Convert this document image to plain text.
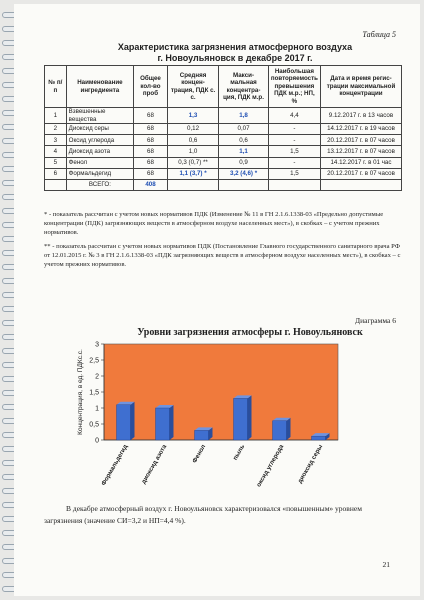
Таблица 5
Характеристика загрязнения атмосферного воздуха
г. Новоульяновск в декабре 2017 г.
№ п/п	Наименование ингредиента	Общее кол-во проб	Средняя концен-трация, ПДК с. с.	Макси-мальная концентра-ция, ПДК м.р.	Наибольшая повторяемость превышения ПДК м.р.; НП, %	Дата и время регис-трации максимальной концентрации
1	Взвешенные вещества	68	1,3	1,8	4,4	9.12.2017 г. в 13 часов
2	Диоксид серы	68	0,12	0,07	-	14.12.2017 г. в 19 часов
3	Оксид углерода	68	0,6	0,6	-	20.12.2017 г. в 07 часов
4	Диоксид азота	68	1,0	1,1	1,5	13.12.2017 г. в 07 часов
5	Фенол	68	0,3 (0,7) **	0,9	-	14.12.2017 г. в 01 час
6	Формальдегид	68	1,1 (3,7) *	3,2 (4,6) *	1,5	20.12.2017 г. в 07 часов
	ВСЕГО:	408				
* - показатель рассчитан с учетом новых нормативов ПДК (Изменение № 11 в ГН 2.1.6.1338-03 «Предельно допустимые концентрации (ПДК) загрязняющих веществ в атмосферном воздухе населенных мест»), в скобках – с учетом прежних нормативов.
** - показатель рассчитан с учетом новых нормативов ПДК (Постановление Главного государственного санитарного врача РФ от 12.01.2015 г. № 3 в ГН 2.1.6.1338-03 «ПДК загрязняющих веществ в атмосферном воздухе населенных мест»), в скобках – с учетом прежних нормативов.
Диаграмма 6
Уровни загрязнения атмосферы г. Новоульяновск
0
0,5
1
1,5
2
2,5
3
Концентрация, в ед. ПДКс.с.
Формальдегид диоксид азота	Фенол	пыль оксид углерода диоксид серы
В декабре атмосферный воздух г. Новоульяновск характеризовался «повышенным» уровнем загрязнения (значение СИ=3,2 и НП=4,4 %).
21
